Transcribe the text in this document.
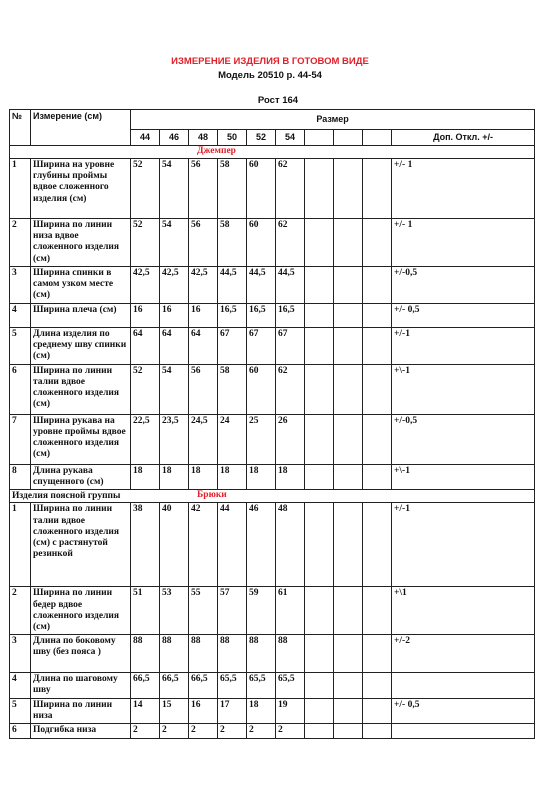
ИЗМЕРЕНИЕ ИЗДЕЛИЯ В ГОТОВОМ ВИДЕ
Модель 20510 р. 44-54
Рост 164
№	Измерение (см)	Размер									
		44	46	48	50	52	54				Доп. Откл. +/-

Джемпер											

1	Ширина на уровне глубины проймы вдвое сложенного изделия (см)	52	54	56	58	60	62				+/- 1
2	Ширина по линии низа вдвое сложенного изделия (см)	52	54	56	58	60	62				+/- 1
3	Ширина спинки в самом узком месте (см)	42,5	42,5	42,5	44,5	44,5	44,5				+/-0,5
4	Ширина плеча (см)	16	16	16	16,5	16,5	16,5				+/- 0,5
5	Длина изделия по среднему шву спинки (см)	64	64	64	67	67	67				+/-1
6	Ширина по линии талии вдвое сложенного изделия (см)	52	54	56	58	60	62				+\-1
7	Ширина рукава на уровне проймы вдвое сложенного изделия (см)	22,5	23,5	24,5	24	25	26				+/-0,5
8	Длина рукава спущенного (см)	18	18	18	18	18	18				+\-1
Изделия поясной группы Брюки											

1	Ширина по линии талии вдвое сложенного изделия (см) с растянутой резинкой	38	40	42	44	46	48				+/-1
2	Ширина по линии бедер вдвое сложенного изделия (см)	51	53	55	57	59	61				+\1
3	Длина по боковому шву (без пояса )	88	88	88	88	88	88				+/-2
4	Длина по шаговому шву	66,5	66,5	66,5	65,5	65,5	65,5				
5	Ширина по линии низа	14	15	16	17	18	19				+/- 0,5
6	Подгибка низа	2	2	2	2	2	2				
